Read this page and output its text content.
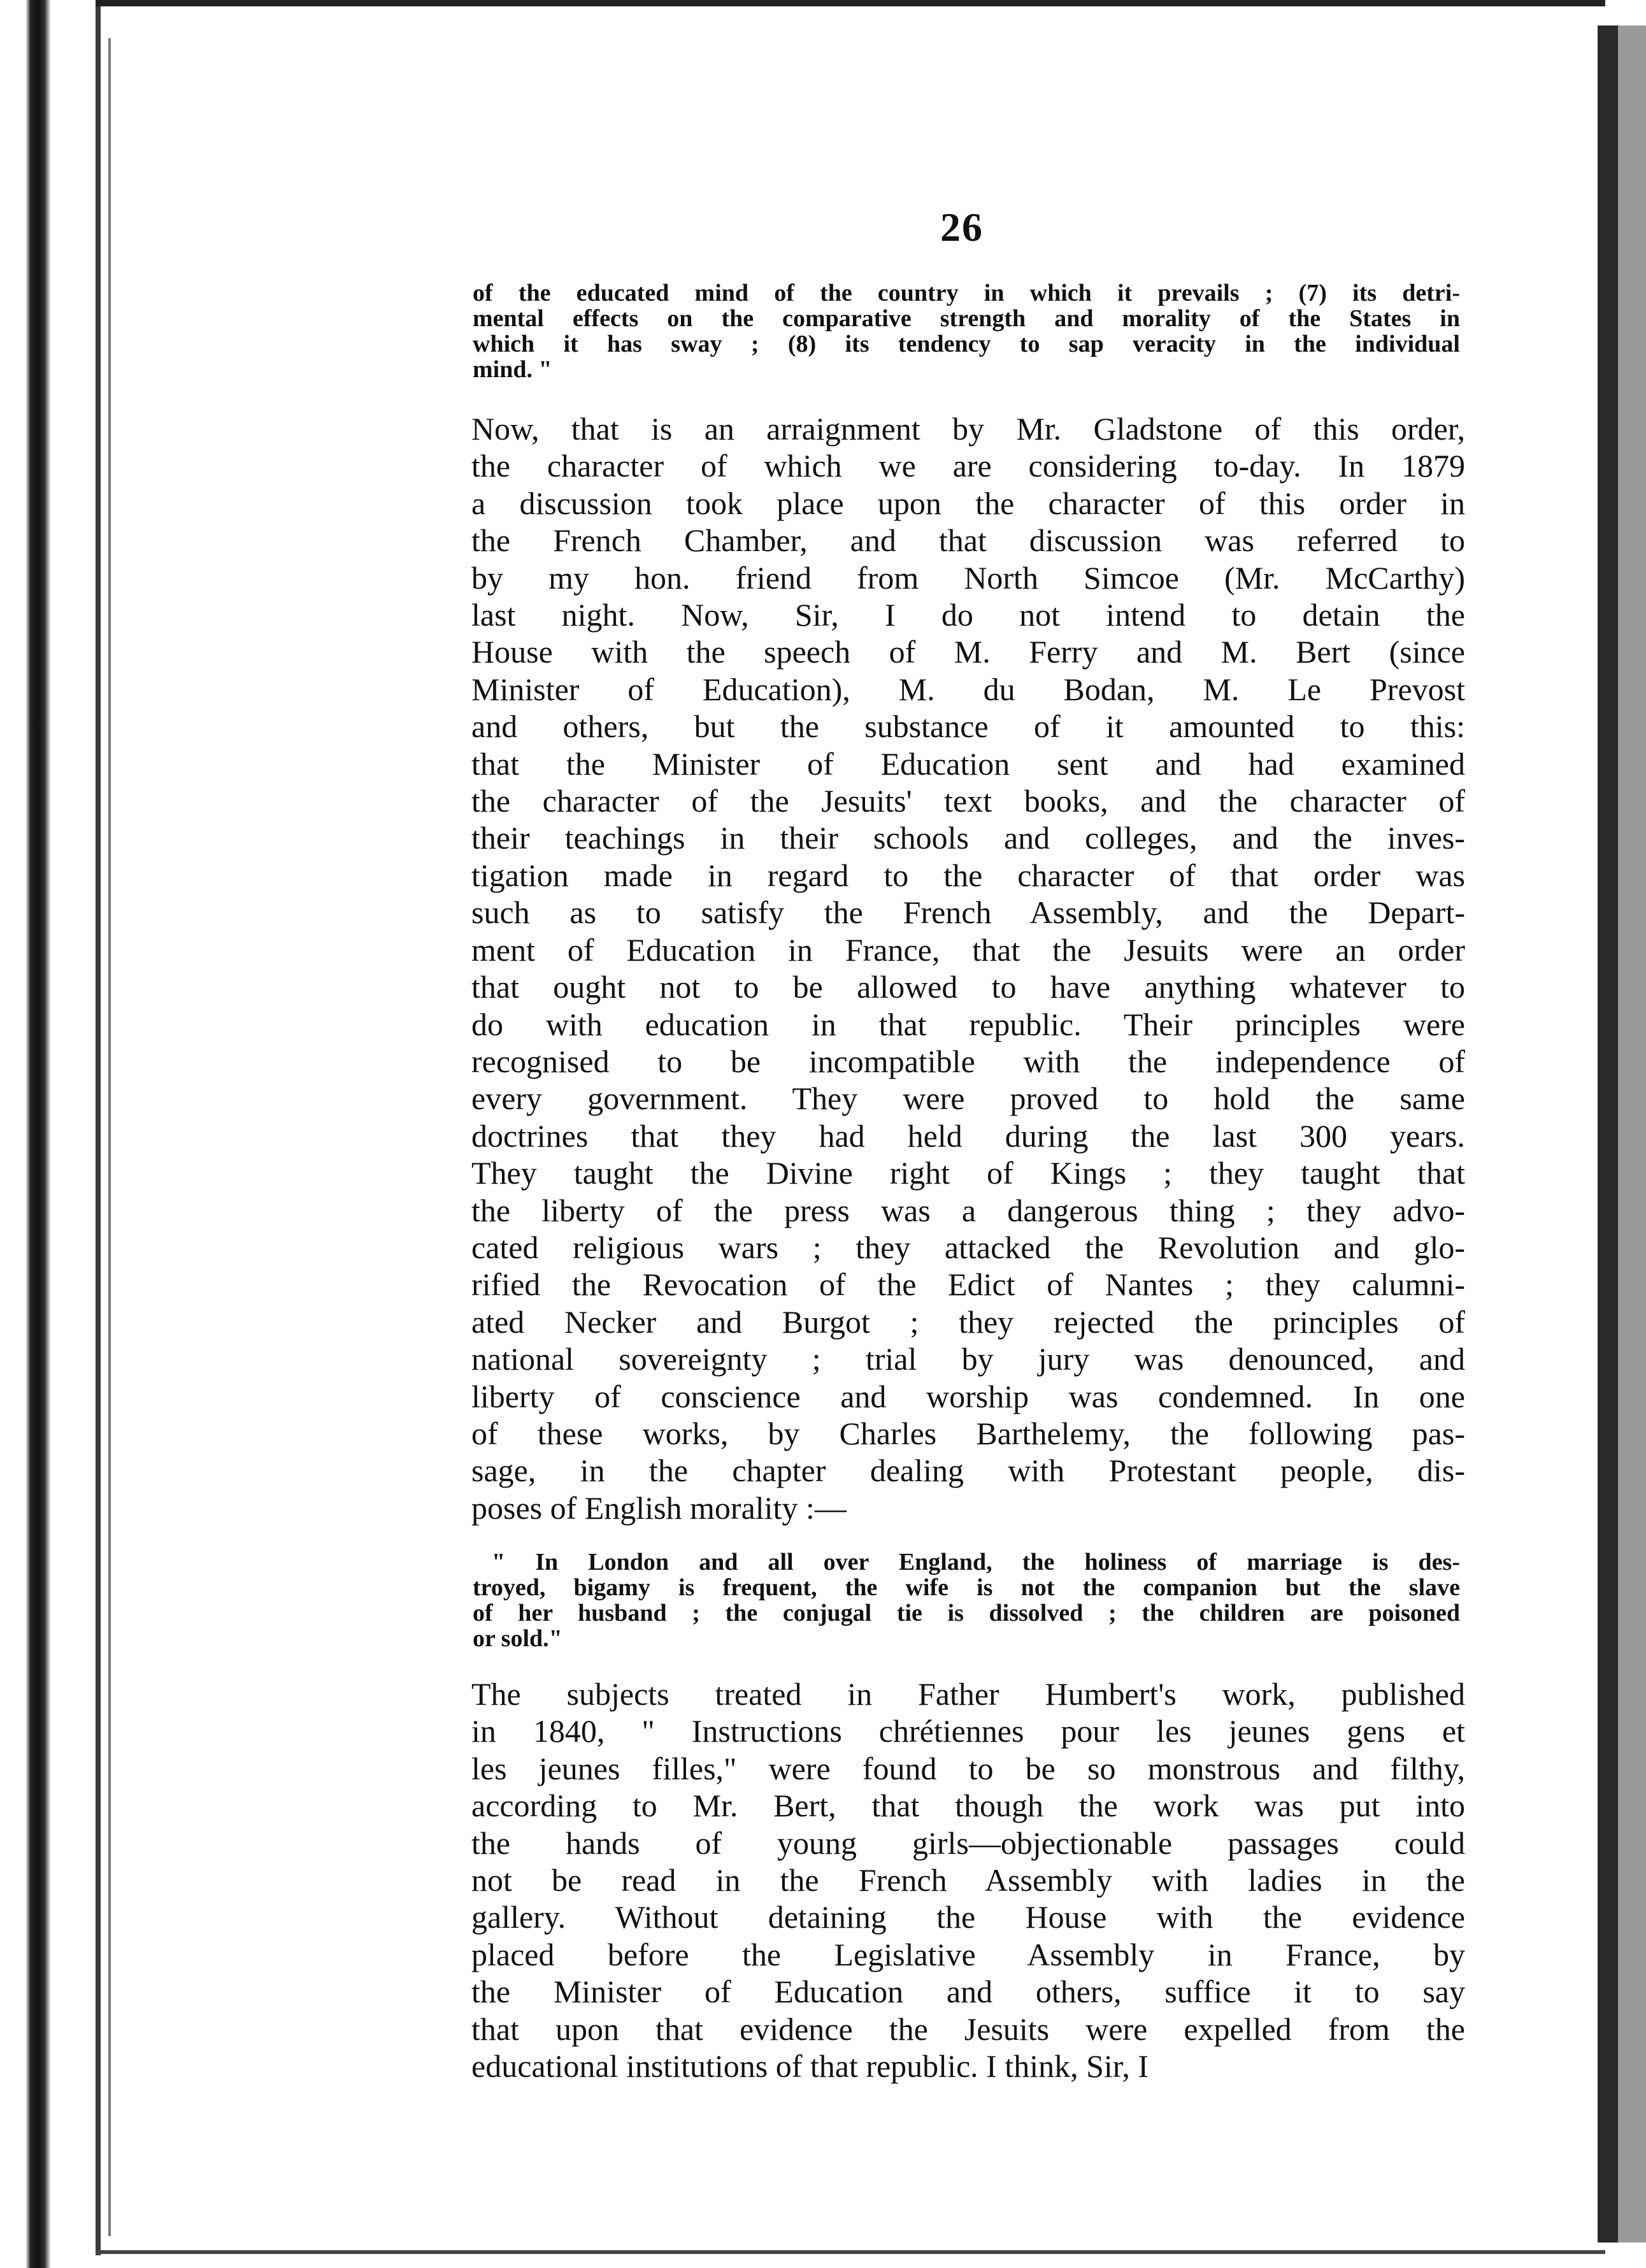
26
of the educated mind of the country in which it prevails ; (7) its detri-
mental effects on the comparative strength and morality of the States in
which it has sway ; (8) its tendency to sap veracity in the individual
mind. "
Now, that is an arraignment by Mr. Gladstone of this order,
the character of which we are considering to-day. In 1879
a discussion took place upon the character of this order in
the French Chamber, and that discussion was referred to
by my hon. friend from North Simcoe (Mr. McCarthy)
last night. Now, Sir, I do not intend to detain the
House with the speech of M. Ferry and M. Bert (since
Minister of Education), M. du Bodan, M. Le Prevost
and others, but the substance of it amounted to this:
that the Minister of Education sent and had examined
the character of the Jesuits' text books, and the character of
their teachings in their schools and colleges, and the inves-
tigation made in regard to the character of that order was
such as to satisfy the French Assembly, and the Depart-
ment of Education in France, that the Jesuits were an order
that ought not to be allowed to have anything whatever to
do with education in that republic. Their principles were
recognised to be incompatible with the independence of
every government. They were proved to hold the same
doctrines that they had held during the last 300 years.
They taught the Divine right of Kings ; they taught that
the liberty of the press was a dangerous thing ; they advo-
cated religious wars ; they attacked the Revolution and glo-
rified the Revocation of the Edict of Nantes ; they calumni-
ated Necker and Burgot ; they rejected the principles of
national sovereignty ; trial by jury was denounced, and
liberty of conscience and worship was condemned. In one
of these works, by Charles Barthelemy, the following pas-
sage, in the chapter dealing with Protestant people, dis-
poses of English morality :—
" In London and all over England, the holiness of marriage is des-
troyed, bigamy is frequent, the wife is not the companion but the slave
of her husband ; the conjugal tie is dissolved ; the children are poisoned
or sold."
The subjects treated in Father Humbert's work, published
in 1840, " Instructions chrétiennes pour les jeunes gens et
les jeunes filles," were found to be so monstrous and filthy,
according to Mr. Bert, that though the work was put into
the hands of young girls—objectionable passages could
not be read in the French Assembly with ladies in the
gallery. Without detaining the House with the evidence
placed before the Legislative Assembly in France, by
the Minister of Education and others, suffice it to say
that upon that evidence the Jesuits were expelled from the
educational institutions of that republic. I think, Sir, I
